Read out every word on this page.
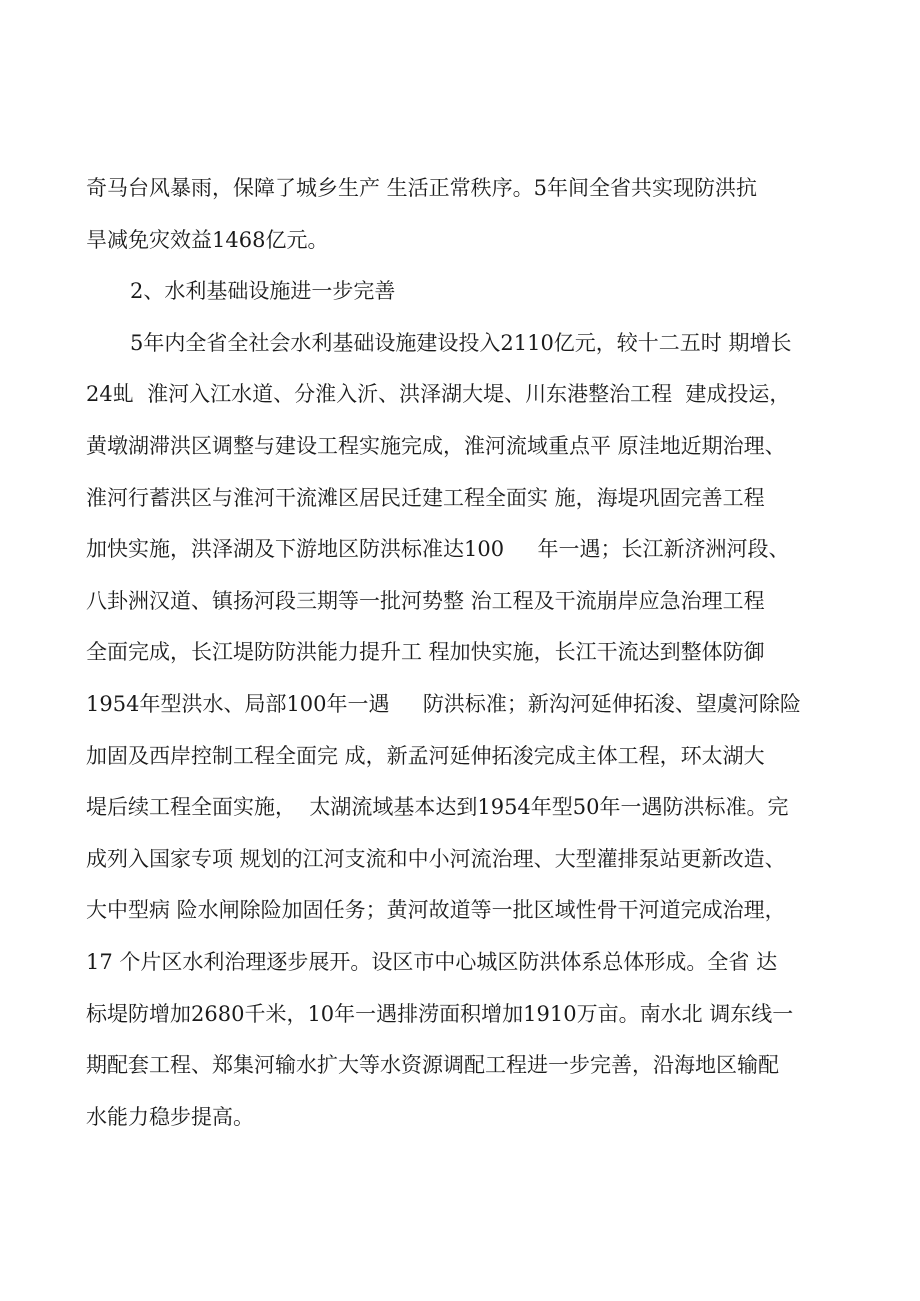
奇马台风暴雨，保障了城乡生产 生活正常秩序。5年间全省共实现防洪抗
旱减免灾效益1468亿元。
2、水利基础设施进一步完善
5年内全省全社会水利基础设施建设投入2110亿元，较十二五时 期增长
24虬  淮河入江水道、分淮入沂、洪泽湖大堤、川东港整治工程  建成投运，
黄墩湖滞洪区调整与建设工程实施完成，淮河流域重点平 原洼地近期治理、
淮河行蓄洪区与淮河干流滩区居民迁建工程全面实 施，海堤巩固完善工程
加快实施，洪泽湖及下游地区防洪标准达100     年一遇；长江新济洲河段、
八卦洲汉道、镇扬河段三期等一批河势整 治工程及干流崩岸应急治理工程
全面完成，长江堤防防洪能力提升工 程加快实施，长江干流达到整体防御
1954年型洪水、局部100年一遇     防洪标准；新沟河延伸拓浚、望虞河除险
加固及西岸控制工程全面完 成，新孟河延伸拓浚完成主体工程，环太湖大
堤后续工程全面实施，  太湖流域基本达到1954年型50年一遇防洪标准。完
成列入国家专项 规划的江河支流和中小河流治理、大型灌排泵站更新改造、
大中型病 险水闸除险加固任务；黄河故道等一批区域性骨干河道完成治理，
17 个片区水利治理逐步展开。设区市中心城区防洪体系总体形成。全省 达
标堤防增加2680千米，10年一遇排涝面积增加1910万亩。南水北 调东线一
期配套工程、郑集河输水扩大等水资源调配工程进一步完善，沿海地区输配
水能力稳步提高。
